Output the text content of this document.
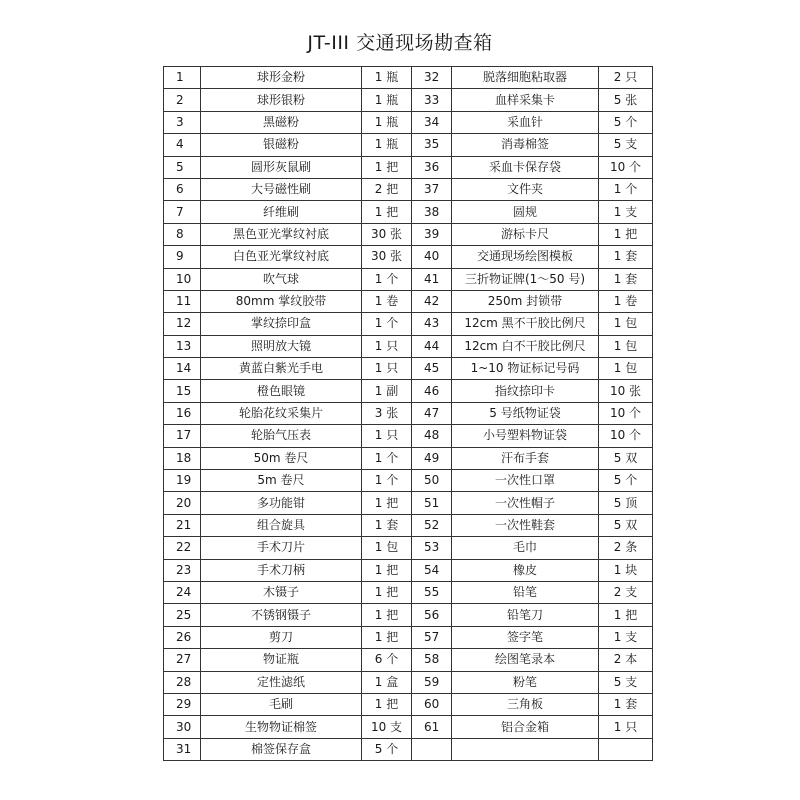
JT-III 交通现场勘查箱
1	球形金粉	1 瓶	32	脱落细胞粘取器	2 只
2	球形银粉	1 瓶	33	血样采集卡	5 张
3	黑磁粉	1 瓶	34	采血针	5 个
4	银磁粉	1 瓶	35	消毒棉签	5 支
5	圆形灰鼠刷	1 把	36	采血卡保存袋	10 个
6	大号磁性刷	2 把	37	文件夹	1 个
7	纤维刷	1 把	38	圆规	1 支
8	黑色亚光掌纹衬底	30 张	39	游标卡尺	1 把
9	白色亚光掌纹衬底	30 张	40	交通现场绘图模板	1 套
10	吹气球	1 个	41	三折物证牌(1～50 号)	1 套
11	80mm 掌纹胶带	1 卷	42	250m 封锁带	1 卷
12	掌纹捺印盒	1 个	43	12cm 黑不干胶比例尺	1 包
13	照明放大镜	1 只	44	12cm 白不干胶比例尺	1 包
14	黄蓝白紫光手电	1 只	45	1~10 物证标记号码	1 包
15	橙色眼镜	1 副	46	指纹捺印卡	10 张
16	轮胎花纹采集片	3 张	47	5 号纸物证袋	10 个
17	轮胎气压表	1 只	48	小号塑料物证袋	10 个
18	50m 卷尺	1 个	49	汗布手套	5 双
19	5m 卷尺	1 个	50	一次性口罩	5 个
20	多功能钳	1 把	51	一次性帽子	5 顶
21	组合旋具	1 套	52	一次性鞋套	5 双
22	手术刀片	1 包	53	毛巾	2 条
23	手术刀柄	1 把	54	橡皮	1 块
24	木镊子	1 把	55	铅笔	2 支
25	不锈钢镊子	1 把	56	铅笔刀	1 把
26	剪刀	1 把	57	签字笔	1 支
27	物证瓶	6 个	58	绘图笔录本	2 本
28	定性滤纸	1 盒	59	粉笔	5 支
29	毛刷	1 把	60	三角板	1 套
30	生物物证棉签	10 支	61	铝合金箱	1 只
31	棉签保存盒	5 个			
